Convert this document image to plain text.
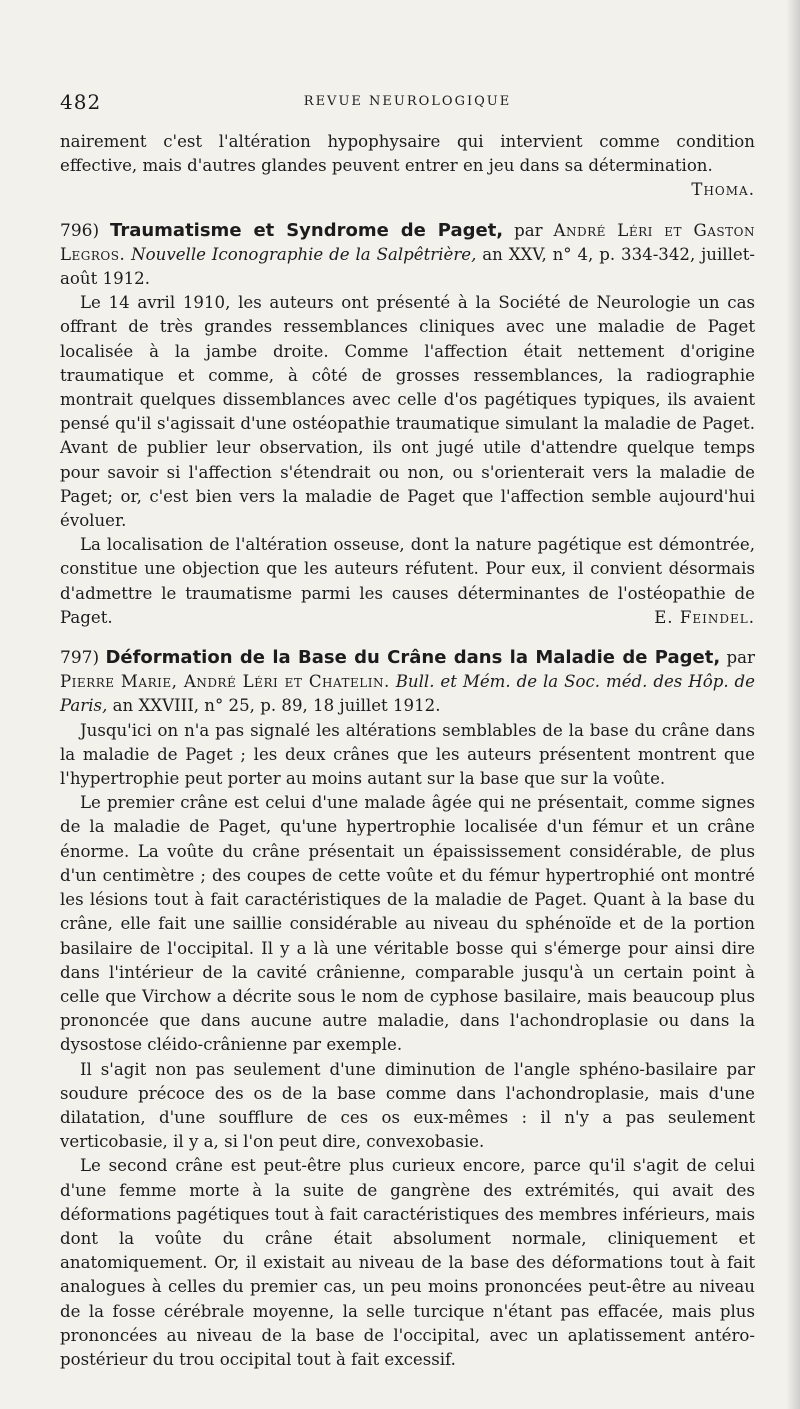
482	REVUE NEUROLOGIQUE

nairement c'est l'altération hypophysaire qui intervient comme condition effective, mais d'autres glandes peuvent entrer en jeu dans sa détermination.

Thoma.

796) Traumatisme et Syndrome de Paget, par André Léri et Gaston Legros. Nouvelle Iconographie de la Salpêtrière, an XXV, n° 4, p. 334-342, juillet-août 1912.

Le 14 avril 1910, les auteurs ont présenté à la Société de Neurologie un cas offrant de très grandes ressemblances cliniques avec une maladie de Paget localisée à la jambe droite. Comme l'affection était nettement d'origine traumatique et comme, à côté de grosses ressemblances, la radiographie montrait quelques dissemblances avec celle d'os pagétiques typiques, ils avaient pensé qu'il s'agissait d'une ostéopathie traumatique simulant la maladie de Paget. Avant de publier leur observation, ils ont jugé utile d'attendre quelque temps pour savoir si l'affection s'étendrait ou non, ou s'orienterait vers la maladie de Paget; or, c'est bien vers la maladie de Paget que l'affection semble aujourd'hui évoluer.

La localisation de l'altération osseuse, dont la nature pagétique est démontrée, constitue une objection que les auteurs réfutent. Pour eux, il convient désormais d'admettre le traumatisme parmi les causes déterminantes de l'ostéopathie de Paget.	E. Feindel.

797) Déformation de la Base du Crâne dans la Maladie de Paget, par Pierre Marie, André Léri et Chatelin. Bull. et Mém. de la Soc. méd. des Hôp. de Paris, an XXVIII, n° 25, p. 89, 18 juillet 1912.

Jusqu'ici on n'a pas signalé les altérations semblables de la base du crâne dans la maladie de Paget ; les deux crânes que les auteurs présentent montrent que l'hypertrophie peut porter au moins autant sur la base que sur la voûte.

Le premier crâne est celui d'une malade âgée qui ne présentait, comme signes de la maladie de Paget, qu'une hypertrophie localisée d'un fémur et un crâne énorme. La voûte du crâne présentait un épaississement considérable, de plus d'un centimètre ; des coupes de cette voûte et du fémur hypertrophié ont montré les lésions tout à fait caractéristiques de la maladie de Paget. Quant à la base du crâne, elle fait une saillie considérable au niveau du sphénoïde et de la portion basilaire de l'occipital. Il y a là une véritable bosse qui s'émerge pour ainsi dire dans l'intérieur de la cavité crânienne, comparable jusqu'à un certain point à celle que Virchow a décrite sous le nom de cyphose basilaire, mais beaucoup plus prononcée que dans aucune autre maladie, dans l'achondroplasie ou dans la dysostose cléido-crânienne par exemple.

Il s'agit non pas seulement d'une diminution de l'angle sphéno-basilaire par soudure précoce des os de la base comme dans l'achondroplasie, mais d'une dilatation, d'une soufflure de ces os eux-mêmes : il n'y a pas seulement verticobasie, il y a, si l'on peut dire, convexobasie.

Le second crâne est peut-être plus curieux encore, parce qu'il s'agit de celui d'une femme morte à la suite de gangrène des extrémités, qui avait des déformations pagétiques tout à fait caractéristiques des membres inférieurs, mais dont la voûte du crâne était absolument normale, cliniquement et anatomiquement. Or, il existait au niveau de la base des déformations tout à fait analogues à celles du premier cas, un peu moins prononcées peut-être au niveau de la fosse cérébrale moyenne, la selle turcique n'étant pas effacée, mais plus prononcées au niveau de la base de l'occipital, avec un aplatissement antéro-postérieur du trou occipital tout à fait excessif.
